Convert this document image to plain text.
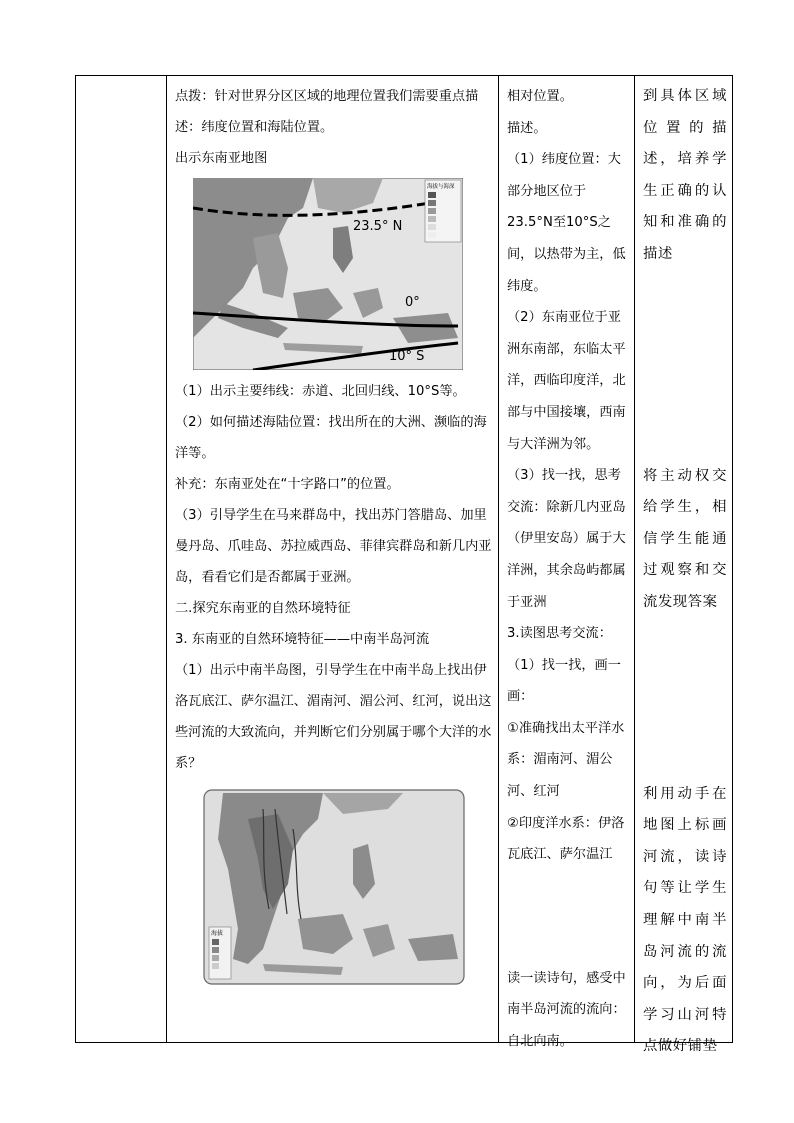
点拨：针对世界分区区域的地理位置我们需要重点描述：纬度位置和海陆位置。

出示东南亚地图

23.5° N
0°
10° S
海拔与海深

（1）出示主要纬线：赤道、北回归线、10°S等。

（2）如何描述海陆位置：找出所在的大洲、濒临的海洋等。

补充：东南亚处在“十字路口”的位置。

（3）引导学生在马来群岛中，找出苏门答腊岛、加里曼丹岛、爪哇岛、苏拉威西岛、菲律宾群岛和新几内亚岛，看看它们是否都属于亚洲。

二.探究东南亚的自然环境特征

3. 东南亚的自然环境特征——中南半岛河流

（1）出示中南半岛图，引导学生在中南半岛上找出伊洛瓦底江、萨尔温江、湄南河、湄公河、红河，说出这些河流的大致流向，并判断它们分别属于哪个大洋的水系？

海拔

相对位置。

描述。

（1）纬度位置：大部分地区位于23.5°N至10°S之间，以热带为主，低纬度。

（2）东南亚位于亚洲东南部，东临太平洋，西临印度洋，北部与中国接壤，西南与大洋洲为邻。

（3）找一找，思考交流：除新几内亚岛（伊里安岛）属于大洋洲，其余岛屿都属于亚洲

3.读图思考交流：

（1）找一找，画一画：

①准确找出太平洋水系：湄南河、湄公河、红河

②印度洋水系：伊洛瓦底江、萨尔温江

读一读诗句，感受中南半岛河流的流向：自北向南。

到具体区域位置的描述，培养学生正确的认知和准确的描述

将主动权交给学生，相信学生能通过观察和交流发现答案

利用动手在地图上标画河流，读诗句等让学生理解中南半岛河流的流向，为后面学习山河特点做好铺垫
